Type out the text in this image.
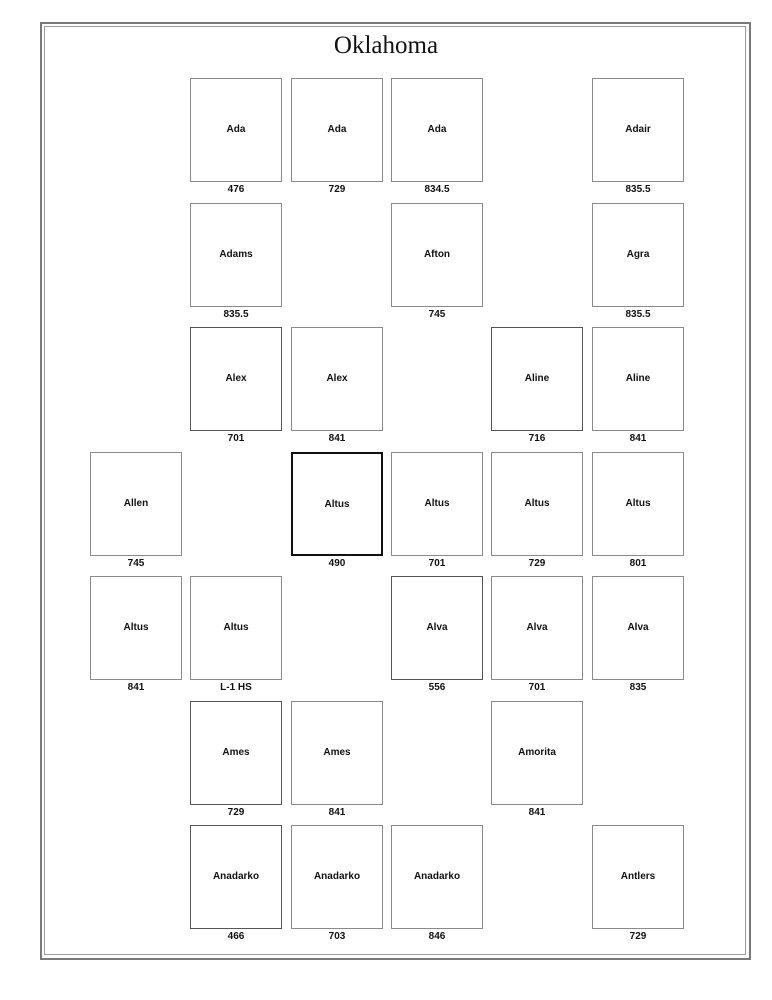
Oklahoma
Ada
476
Ada
729
Ada
834.5
Adair
835.5
Adams
835.5
Afton
745
Agra
835.5
Alex
701
Alex
841
Aline
716
Aline
841
Allen
745
Altus
490
Altus
701
Altus
729
Altus
801
Altus
841
Altus
L-1 HS
Alva
556
Alva
701
Alva
835
Ames
729
Ames
841
Amorita
841
Anadarko
466
Anadarko
703
Anadarko
846
Antlers
729
